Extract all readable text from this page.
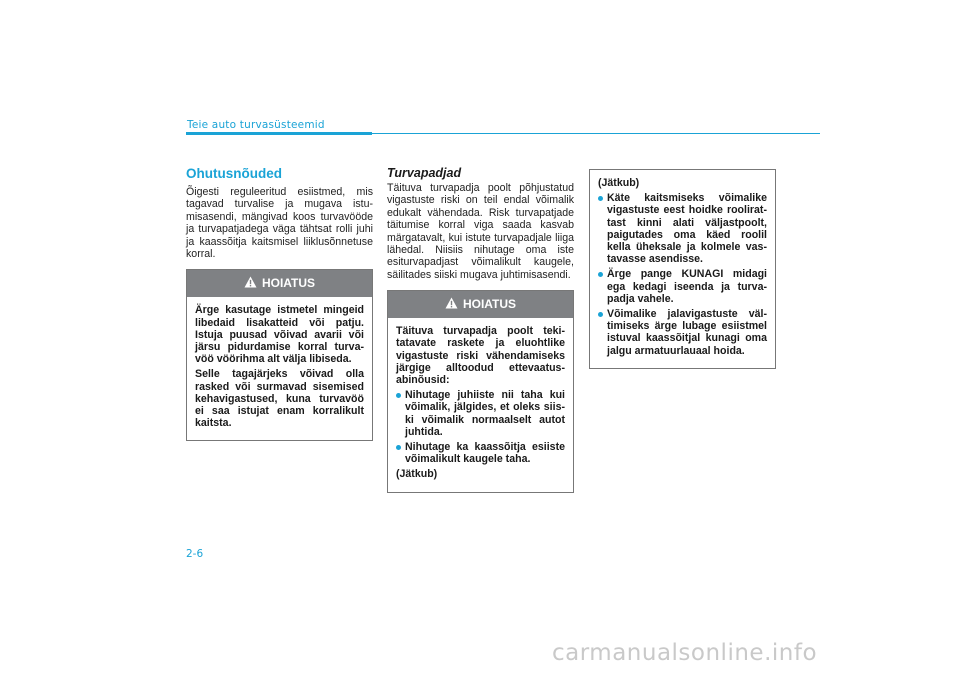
Teie auto turvasüsteemid
Ohutusnõuded

Õigesti reguleeritud esiistmed, mis tagavad turvalise ja mugava istumisasendi, mängivad koos turvavööde ja turvapatjadega väga tähtsat rolli juhi ja kaassõitja kaitsmisel liiklusõnnetuse korral.

HOIATUS

Ärge kasutage istmetel mingeid libedaid lisakatteid või patju. Istuja puusad võivad avarii või järsu pidurdamise korral turvavöö vöörihma alt välja libiseda.

Selle tagajärjeks võivad olla rasked või surmavad sisemised kehavigastused, kuna turvavöö ei saa istujat enam korralikult kaitsta.

Turvapadjad

Täituva turvapadja poolt põhjustatud vigastuste riski on teil endal võimalik edukalt vähendada. Risk turvapatjade täitumise korral viga saada kasvab märgatavalt, kui istute turvapadjale liiga lähedal. Niisiis nihutage oma iste esiturvapadjast võimalikult kaugele, säilitades siiski mugava juhtimisasendi.

HOIATUS

Täituva turvapadja poolt tekitatavate raskete ja eluohtlike vigastuste riski vähendamiseks järgige alltoodud ettevaatusabinõusid:

Nihutage juhiiste nii taha kui võimalik, jälgides, et oleks siiski võimalik normaalselt autot juhtida.
Nihutage ka kaassõitja esiiste võimalikult kaugele taha.

(Jätkub)

(Jätkub)

Käte kaitsmiseks võimalike vigastuste eest hoidke roolirattast kinni alati väljastpoolt, paigutades oma käed roolil kella üheksale ja kolmele vastavasse asendisse.
Ärge pange KUNAGI midagi ega kedagi iseenda ja turvapadja vahele.
Võimalike jalavigastuste vältimiseks ärge lubage esiistmel istuval kaassõitjal kunagi oma jalgu armatuurlauaal hoida.
2-6
carmanualsonline.info
